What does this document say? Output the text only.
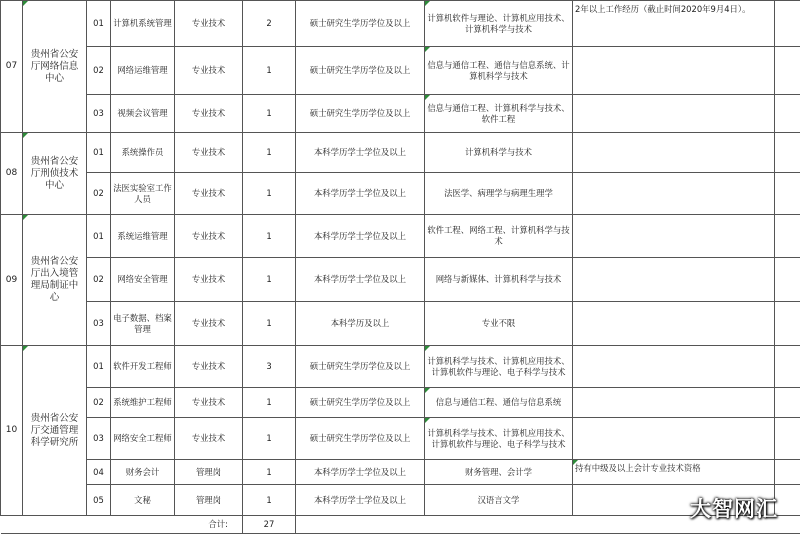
07	贵州省公安厅网络信息中心	01	计算机系统管理	专业技术	2	硕士研究生学历学位及以上	计算机软件与理论、计算机应用技术、计算机科学与技术	2年以上工作经历（截止时间2020年9月4日）。	
		02	网络运维管理	专业技术	1	硕士研究生学历学位及以上	信息与通信工程、通信与信息系统、计算机科学与技术		
		03	视频会议管理	专业技术	1	硕士研究生学历学位及以上	信息与通信工程、计算机科学与技术、软件工程		
08	贵州省公安厅刑侦技术中心	01	系统操作员	专业技术	1	本科学历学士学位及以上	计算机科学与技术		
		02	法医实验室工作人员	专业技术	1	本科学历学士学位及以上	法医学、病理学与病理生理学		
09	贵州省公安厅出入境管理局制证中心	01	系统运维管理	专业技术	1	本科学历学士学位及以上	软件工程、网络工程、计算机科学与技术		
		02	网络安全管理	专业技术	1	本科学历学士学位及以上	网络与新媒体、计算机科学与技术		
		03	电子数据、档案管理	专业技术	1	本科学历及以上	专业不限		
10	贵州省公安厅交通管理科学研究所	01	软件开发工程师	专业技术	3	硕士研究生学历学位及以上	计算机科学与技术、计算机应用技术、计算机软件与理论、电子科学与技术		
		02	系统维护工程师	专业技术	1	硕士研究生学历学位及以上	信息与通信工程、通信与信息系统		
		03	网络安全工程师	专业技术	1	硕士研究生学历学位及以上	计算机科学与技术、计算机应用技术、计算机软件与理论、电子科学与技术		
		04	财务会计	管理岗	1	本科学历学士学位及以上	财务管理、会计学	持有中级及以上会计专业技术资格	
		05	文秘	管理岗	1	本科学历学士学位及以上	汉语言文学		
合计:					27				
大智网汇
